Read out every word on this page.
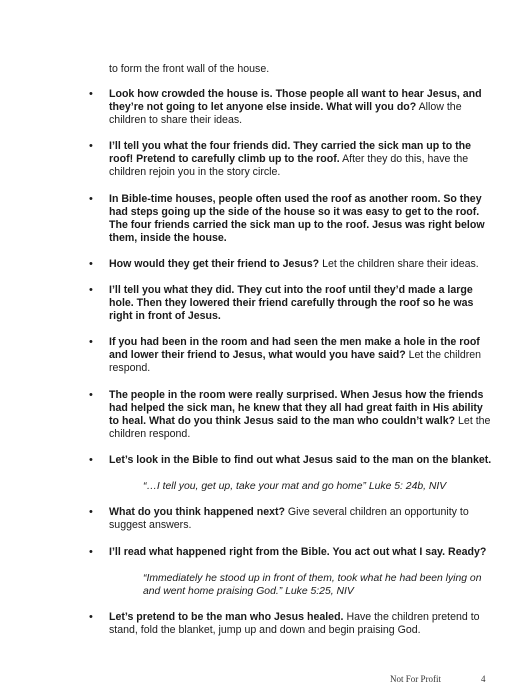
to form the front wall of the house.
• Look how crowded the house is. Those people all want to hear Jesus, and they’re not going to let anyone else inside. What will you do? Allow the children to share their ideas.
• I’ll tell you what the four friends did. They carried the sick man up to the roof! Pretend to carefully climb up to the roof. After they do this, have the children rejoin you in the story circle.
• In Bible-time houses, people often used the roof as another room. So they had steps going up the side of the house so it was easy to get to the roof. The four friends carried the sick man up to the roof. Jesus was right below them, inside the house.
• How would they get their friend to Jesus? Let the children share their ideas.
• I’ll tell you what they did. They cut into the roof until they’d made a large hole. Then they lowered their friend carefully through the roof so he was right in front of Jesus.
• If you had been in the room and had seen the men make a hole in the roof and lower their friend to Jesus, what would you have said? Let the children respond.
• The people in the room were really surprised. When Jesus how the friends had helped the sick man, he knew that they all had great faith in His ability to heal. What do you think Jesus said to the man who couldn’t walk? Let the children respond.
• Let’s look in the Bible to find out what Jesus said to the man on the blanket.
“…I tell you, get up, take your mat and go home” Luke 5: 24b, NIV
• What do you think happened next? Give several children an opportunity to suggest answers.
• I’ll read what happened right from the Bible. You act out what I say. Ready?
“Immediately he stood up in front of them, took what he had been lying on and went home praising God.” Luke 5:25, NIV
• Let’s pretend to be the man who Jesus healed. Have the children pretend to stand, fold the blanket, jump up and down and begin praising God.
Not For Profit	4
